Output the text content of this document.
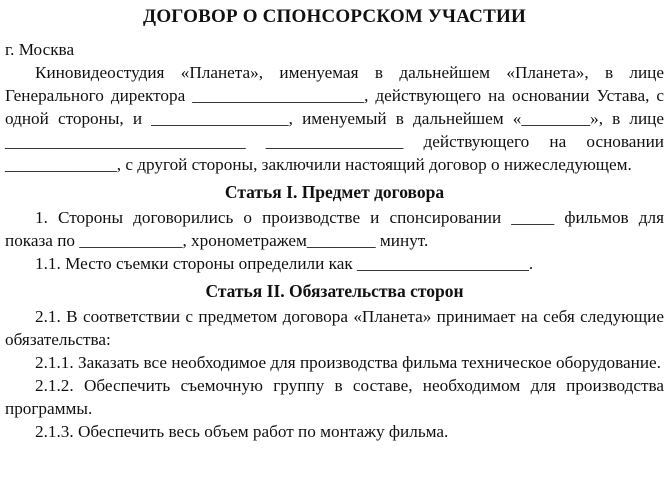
ДОГОВОР О СПОНСОРСКОМ УЧАСТИИ

г. Москва

Киновидеостудия «Планета», именуемая в дальнейшем «Планета», в лице Генерального директора ____________________, действующего на основании Устава, с одной стороны, и ________________, именуемый в дальнейшем «________», в лице ____________________________ ________________ действующего на основании _____________, с другой стороны, заключили настоящий договор о нижеследующем.

Статья I. Предмет договора

1. Стороны договорились о производстве и спонсировании _____ фильмов для показа по ____________, хронометражем________ минут.

1.1. Место съемки стороны определили как ____________________.

Статья II. Обязательства сторон

2.1. В соответствии с предметом договора «Планета» принимает на себя следующие обязательства:

2.1.1. Заказать все необходимое для производства фильма техническое оборудование.

2.1.2. Обеспечить съемочную группу в составе, необходимом для производства программы.

2.1.3. Обеспечить весь объем работ по монтажу фильма.
